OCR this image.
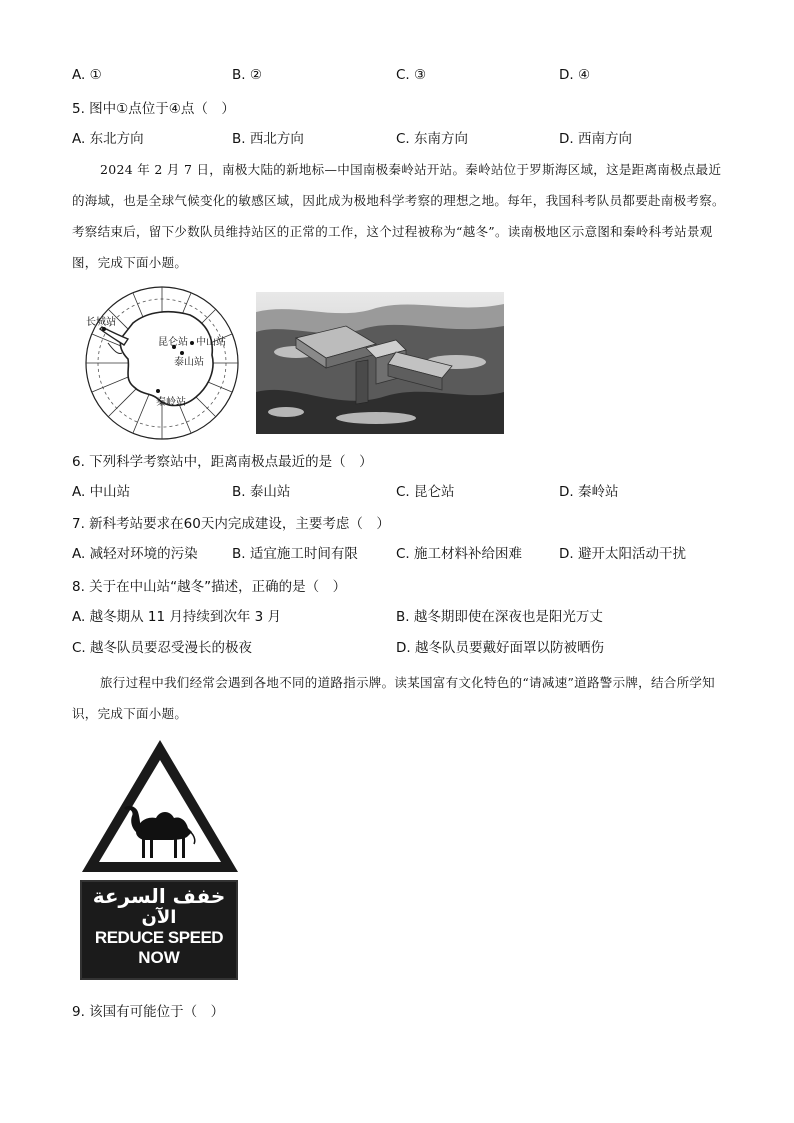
A. ①	B. ②	C. ③	D. ④
5. 图中①点位于④点（　）
A. 东北方向	B. 西北方向	C. 东南方向	D. 西南方向

2024 年 2 月 7 日，南极大陆的新地标—中国南极秦岭站开站。秦岭站位于罗斯海区域，这是距离南极点最近的海域，也是全球气候变化的敏感区域，因此成为极地科学考察的理想之地。每年，我国科考队员都要赴南极考察。考察结束后，留下少数队员维持站区的正常的工作，这个过程被称为“越冬”。读南极地区示意图和秦岭科考站景观图，完成下面小题。

长城站
昆仑站 中山站
泰山站
秦岭站
6. 下列科学考察站中，距离南极点最近的是（　）
A. 中山站	B. 泰山站	C. 昆仑站	D. 秦岭站
7. 新科考站要求在60天内完成建设，主要考虑（　）
A. 减轻对环境的污染	B. 适宜施工时间有限	C. 施工材料补给困难	D. 避开太阳活动干扰
8. 关于在中山站“越冬”描述，正确的是（　）
A. 越冬期从 11 月持续到次年 3 月	B. 越冬期即使在深夜也是阳光万丈
C. 越冬队员要忍受漫长的极夜	D. 越冬队员要戴好面罩以防被晒伤

旅行过程中我们经常会遇到各地不同的道路指示牌。读某国富有文化特色的“请减速”道路警示牌，结合所学知识，完成下面小题。

خفف السرعة
الآن
REDUCE SPEED
NOW
9. 该国有可能位于（　）
